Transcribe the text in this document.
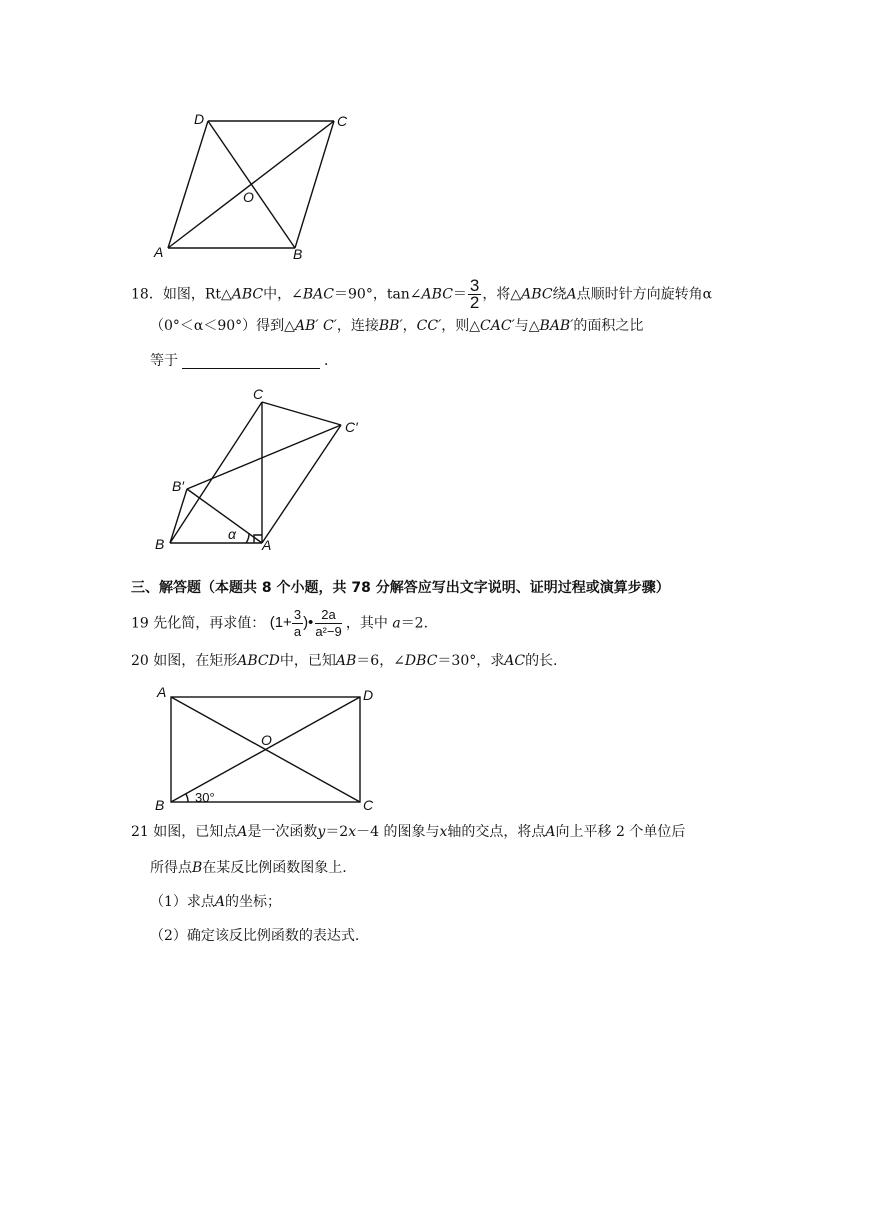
D	C
O
A	B
18．如图，Rt△ABC中，∠BAC＝90°，tan∠ABC＝ $\frac{3}{2}$ ，将△ABC绕A点顺时针方向旋转角α
（0°＜α＜90°）得到△AB′ C′，连接BB′，CC′，则△CAC′与△BAB′的面积之比
等于	．
C
C′
B′
B	A
α
三、解答题（本题共 8 个小题，共 78 分解答应写出文字说明、证明过程或演算步骤）
19 先化简，再求值： ($1+ \frac{3}{a}$ )• $\frac{2a}{\text{a²−9}}$ ，其中 a＝2.
20 如图，在矩形ABCD中，已知AB＝6，∠DBC＝30°，求AC的长.
A	D
O
B	C
30°
21 如图，已知点A是一次函数y＝2x－4 的图象与x轴的交点，将点A向上平移 2 个单位后
所得点B在某反比例函数图象上.
（1）求点A的坐标；
（2）确定该反比例函数的表达式.
